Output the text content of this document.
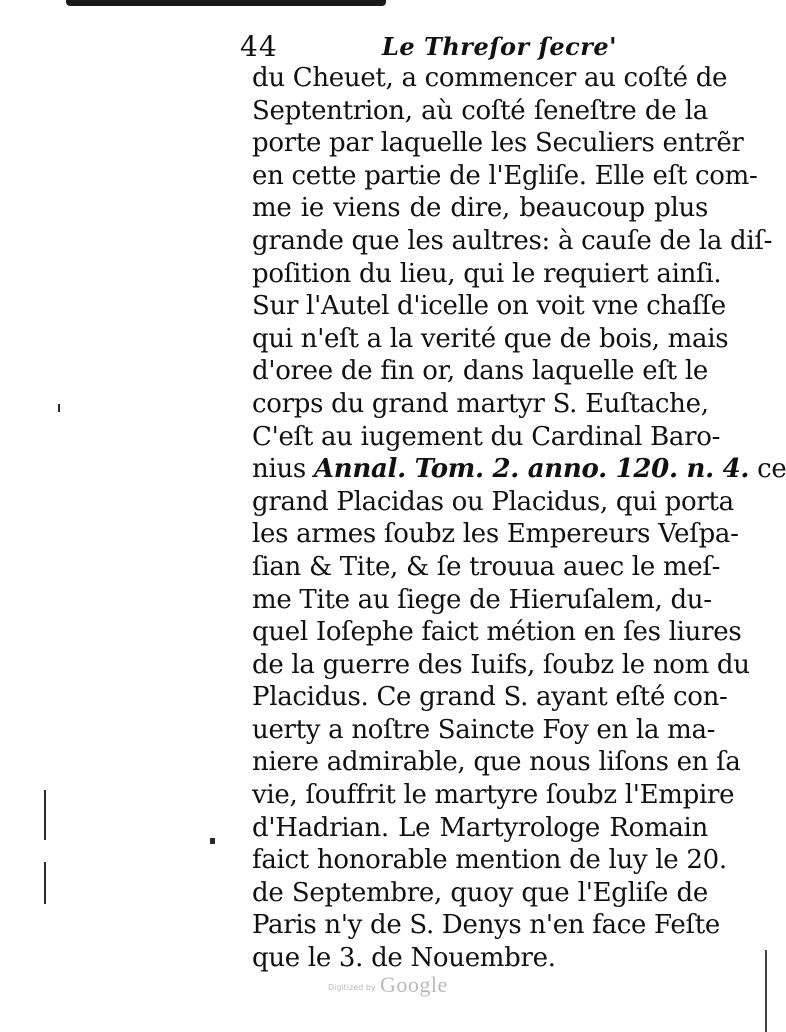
44	Le Threſor ſecre'
du Cheuet, a commencer au coſté de
Septentrion, aù coſté ſeneſtre de la
porte par laquelle les Seculiers entrẽr
en cette partie de l'Egliſe. Elle eſt com-
me ie viens de dire, beaucoup plus
grande que les aultres: à cauſe de la diſ-
poſition du lieu, qui le requiert ainſi.
Sur l'Autel d'icelle on voit vne chaſſe
qui n'eſt a la verité que de bois, mais
d'oree de fin or, dans laquelle eſt le
corps du grand martyr S. Euſtache,
C'eſt au iugement du Cardinal Baro-
nius Annal. Tom. 2. anno. 120. n. 4. ce
grand Placidas ou Placidus, qui porta
les armes ſoubz les Empereurs Veſpa-
ſian & Tite, & ſe trouua auec le meſ-
me Tite au ſiege de Hieruſalem, du-
quel Ioſephe faict métion en ſes liures
de la guerre des Iuifs, ſoubz le nom du
Placidus. Ce grand S. ayant eſté con-
uerty a noſtre Saincte Foy en la ma-
niere admirable, que nous liſons en ſa
vie, ſouffrit le martyre ſoubz l'Empire
d'Hadrian. Le Martyrologe Romain
faict honorable mention de luy le 20.
de Septembre, quoy que l'Egliſe de
Paris n'y de S. Denys n'en face Feſte
que le 3. de Nouembre.
Digitized by Google
